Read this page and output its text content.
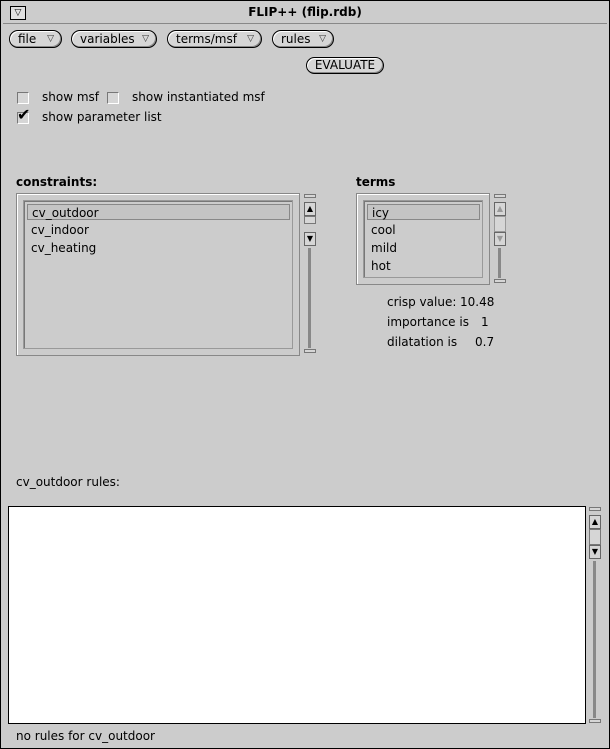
▽	FLIP++ (flip.rdb)
file ▽	variables ▽	terms/msf ▽	rules ▽
EVALUATE
show msf	show instantiated msf
✔ show parameter list
constraints:
cv_outdoor
cv_indoor
cv_heating
▲
▼
terms
icy
cool
mild
hot
▲
▼
crisp value: 10.48
importance is 1
dilatation is 0.7
cv_outdoor rules:
▲
▼
no rules for cv_outdoor
